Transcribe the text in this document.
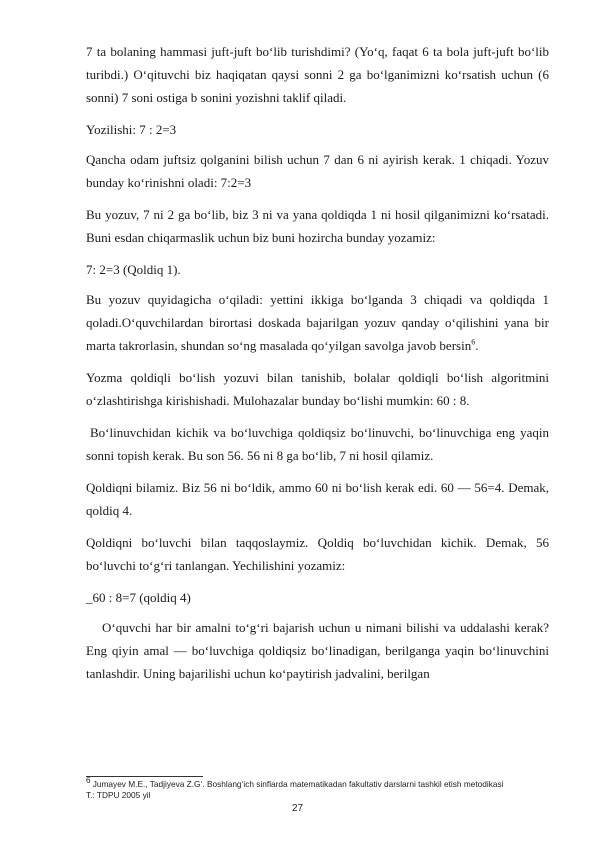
7 ta bolaning hammasi juft-juft bo‘lib turishdimi? (Yo‘q, faqat 6 ta bola juft-juft bo‘lib turibdi.) O‘qituvchi biz haqiqatan qaysi sonni 2 ga bo‘lganimizni ko‘rsatish uchun (6 sonni) 7 soni ostiga b sonini yozishni taklif qiladi.

Yozilishi: 7 : 2=3

Qancha odam juftsiz qolganini bilish uchun 7 dan 6 ni ayirish kerak. 1 chiqadi. Yozuv bunday ko‘rinishni oladi: 7:2=3

Bu yozuv, 7 ni 2 ga bo‘lib, biz 3 ni va yana qoldiqda 1 ni hosil qilganimizni ko‘rsatadi. Buni esdan chiqarmaslik uchun biz buni hozircha bunday yozamiz:

7: 2=3 (Qoldiq 1).

Bu yozuv quyidagicha o‘qiladi: yettini ikkiga bo‘lganda 3 chiqadi va qoldiqda 1 qoladi.O‘quvchilardan birortasi doskada bajarilgan yozuv qanday o‘qilishini yana bir marta takrorlasin, shundan so‘ng masalada qo‘yilgan savolga javob bersin$^6$.

Yozma qoldiqli bo‘lish yozuvi bilan tanishib, bolalar qoldiqli bo‘lish algoritmini o‘zlashtirishga kirishishadi. Mulohazalar bunday bo‘lishi mumkin: 60 : 8.

Bo‘linuvchidan kichik va bo‘luvchiga qoldiqsiz bo‘linuvchi, bo‘linuvchiga eng yaqin sonni topish kerak. Bu son 56. 56 ni 8 ga bo‘lib, 7 ni hosil qilamiz.

Qoldiqni bilamiz. Biz 56 ni bo‘ldik, ammo 60 ni bo‘lish kerak edi. 60 — 56=4. Demak, qoldiq 4.

Qoldiqni bo‘luvchi bilan taqqoslaymiz. Qoldiq bo‘luvchidan kichik. Demak, 56 bo‘luvchi to‘g‘ri tanlangan. Yechilishini yozamiz:

_60 : 8=7 (qoldiq 4)

O‘quvchi har bir amalni to‘g‘ri bajarish uchun u nimani bilishi va uddalashi kerak? Eng qiyin amal — bo‘luvchiga qoldiqsiz bo‘linadigan, berilganga yaqin bo‘linuvchini tanlashdir. Uning bajarilishi uchun ko‘paytirish jadvalini, berilgan

$^6$ Jumayev M.E., Tadjiyeva Z.G‘. Boshlang‘ich sinflarda matematikadan fakultativ darslarni tashkil etish metodikasi
T.: TDPU 2005 yil
27
